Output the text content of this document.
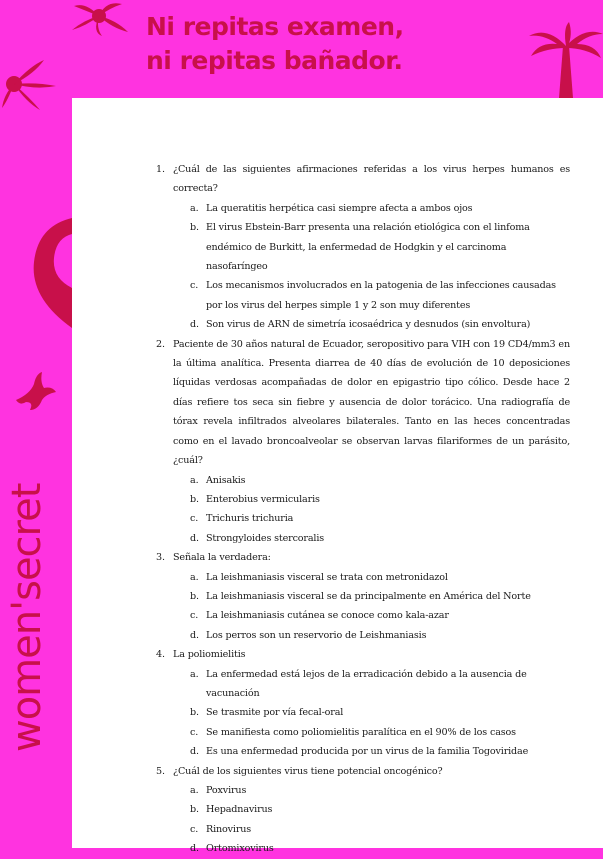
Ni repitas examen,
ni repitas bañador.
women'secret
1. ¿Cuál de las siguientes afirmaciones referidas a los virus herpes humanos es correcta?
a. La queratitis herpética casi siempre afecta a ambos ojos
b. El virus Ebstein-Barr presenta una relación etiológica con el linfoma endémico de Burkitt, la enfermedad de Hodgkin y el carcinoma nasofaríngeo
c. Los mecanismos involucrados en la patogenia de las infecciones causadas por los virus del herpes simple 1 y 2 son muy diferentes
d. Son virus de ARN de simetría icosaédrica y desnudos (sin envoltura)
2. Paciente de 30 años natural de Ecuador, seropositivo para VIH con 19 CD4/mm3 en la última analítica. Presenta diarrea de 40 días de evolución de 10 deposiciones líquidas verdosas acompañadas de dolor en epigastrio tipo cólico. Desde hace 2 días refiere tos seca sin fiebre y ausencia de dolor torácico. Una radiografía de tórax revela infiltrados alveolares bilaterales. Tanto en las heces concentradas como en el lavado broncoalveolar se observan larvas filariformes de un parásito, ¿cuál?
a. Anisakis
b. Enterobius vermicularis
c. Trichuris trichuria
d. Strongyloides stercoralis
3. Señala la verdadera:
a. La leishmaniasis visceral se trata con metronidazol
b. La leishmaniasis visceral se da principalmente en América del Norte
c. La leishmaniasis cutánea se conoce como kala-azar
d. Los perros son un reservorio de Leishmaniasis
4. La poliomielitis
a. La enfermedad está lejos de la erradicación debido a la ausencia de vacunación
b. Se trasmite por vía fecal-oral
c. Se manifiesta como poliomielitis paralítica en el 90% de los casos
d. Es una enfermedad producida por un virus de la familia Togoviridae
5. ¿Cuál de los siguientes virus tiene potencial oncogénico?
a. Poxvirus
b. Hepadnavirus
c. Rinovirus
d. Ortomixovirus
